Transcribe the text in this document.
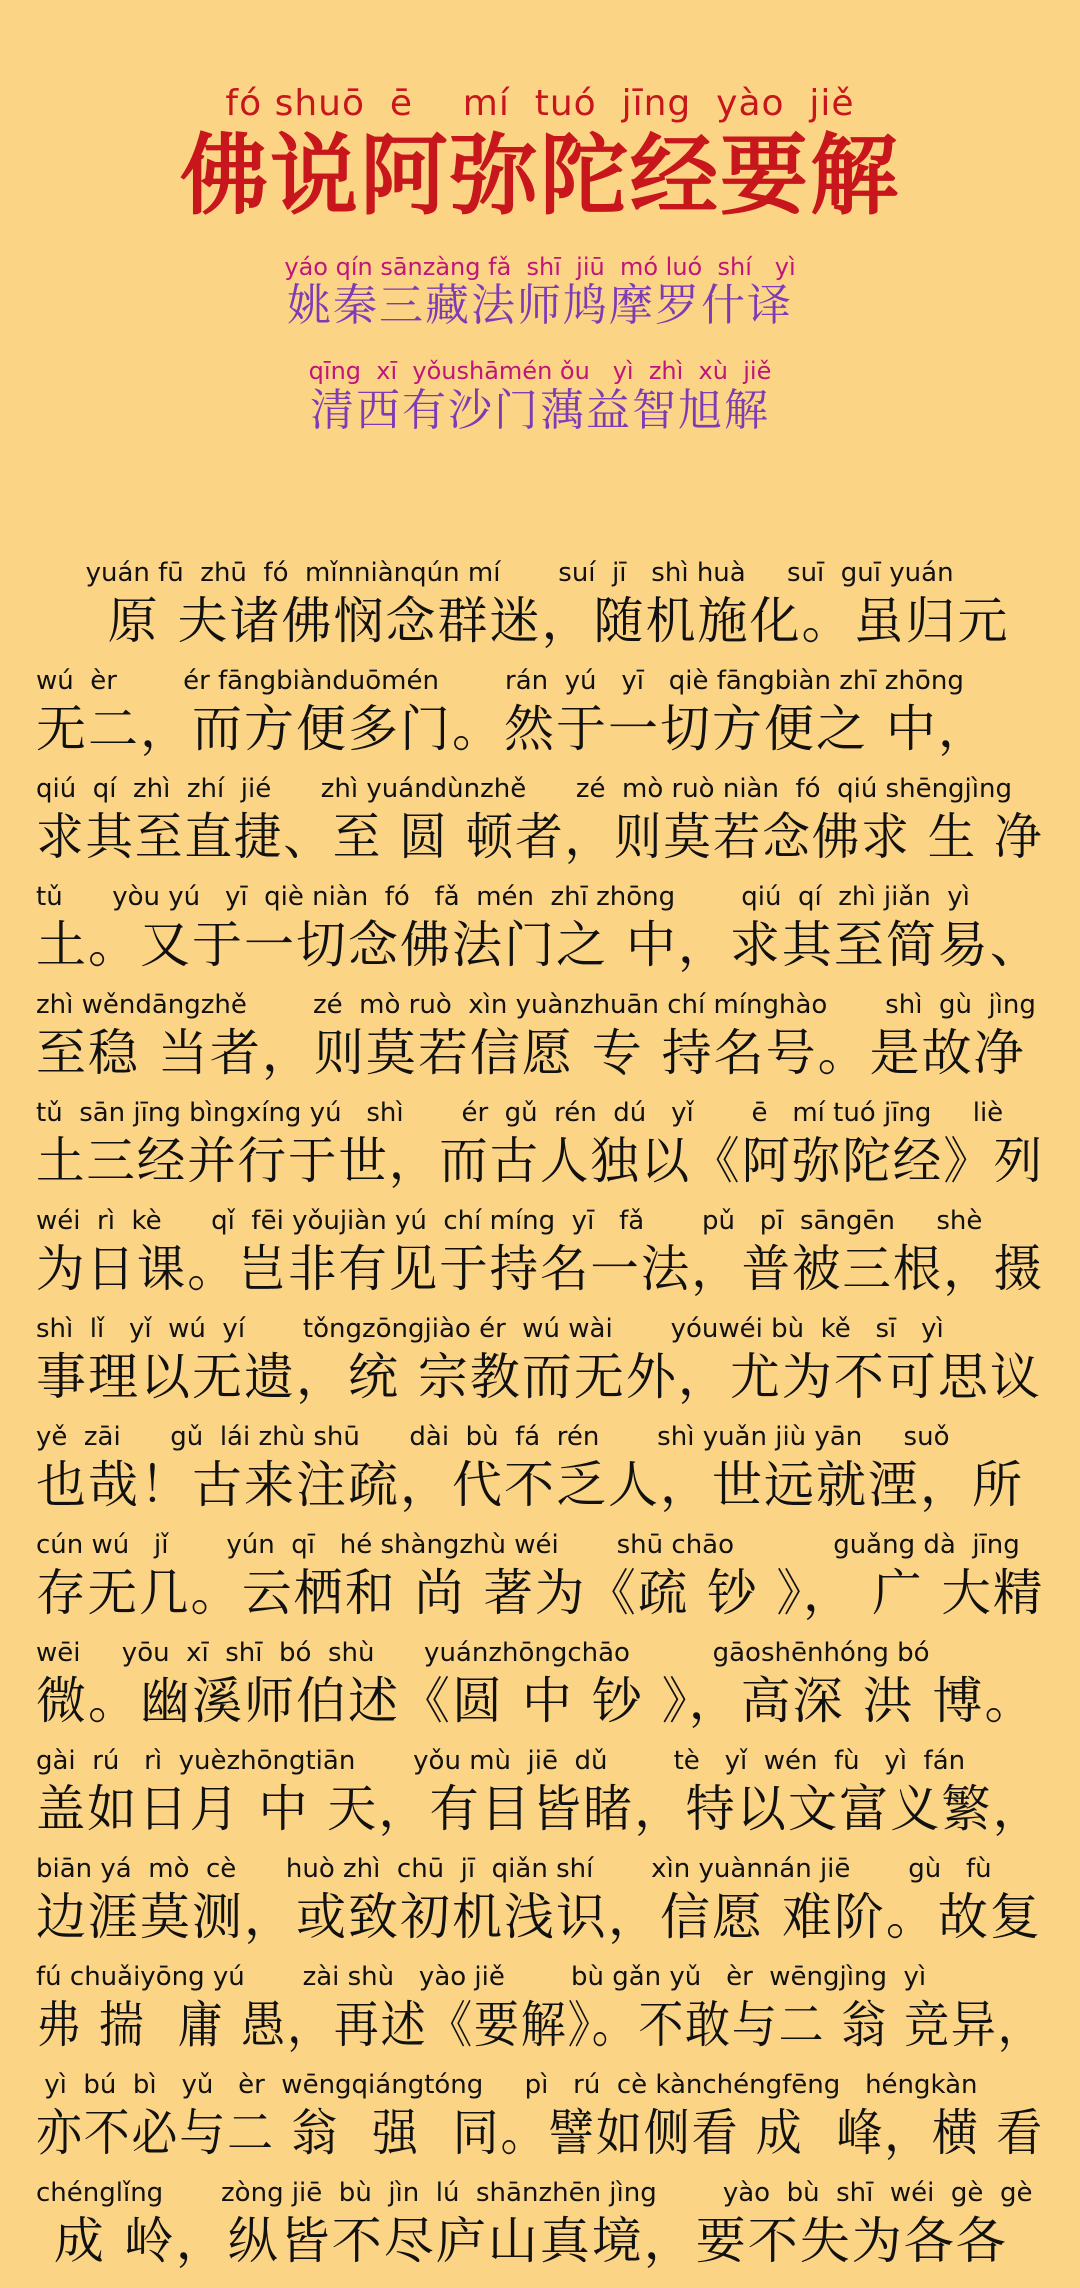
fó shuō  ē    mí  tuó  jīng  yào  jiě
佛说阿弥陀经要解
yáo qín sānzàng fǎ  shī  jiū  mó luó  shí   yì
姚秦三藏法师鸠摩罗什译
qīng  xī  yǒushāmén ǒu   yì  zhì  xù  jiě
清西有沙门蕅益智旭解
yuán fū  zhū  fó  mǐnniànqún mí       suí  jī   shì huà     suī  guī yuán
原 夫诸佛悯念群迷，随机施化。虽归元
wú  èr        ér fāngbiànduōmén        rán  yú   yī   qiè fāngbiàn zhī zhōng
无二，而方便多门。然于一切方便之 中，
qiú  qí  zhì  zhí  jié      zhì yuándùnzhě      zé  mò ruò niàn  fó  qiú shēngjìng
求其至直捷、至 圆 顿者，则莫若念佛求 生 净
tǔ      yòu yú   yī  qiè niàn  fó   fǎ  mén  zhī zhōng        qiú  qí  zhì jiǎn  yì
土。又于一切念佛法门之 中，求其至简易、
zhì wěndāngzhě        zé  mò ruò  xìn yuànzhuān chí mínghào       shì  gù  jìng
至稳 当者，则莫若信愿 专 持名号。是故净
tǔ  sān jīng bìngxíng yú   shì       ér  gǔ  rén  dú   yǐ       ē   mí tuó jīng     liè
土三经并行于世，而古人独以《阿弥陀经》列
wéi  rì  kè      qǐ  fēi yǒujiàn yú  chí míng  yī   fǎ       pǔ   pī  sāngēn     shè
为日课。岂非有见于持名一法，普被三根，摄
shì  lǐ   yǐ  wú  yí       tǒngzōngjiào ér  wú wài       yóuwéi bù  kě   sī   yì
事理以无遗，统 宗教而无外，尤为不可思议
yě  zāi      gǔ  lái zhù shū      dài  bù  fá  rén       shì yuǎn jiù yān     suǒ
也哉！古来注疏，代不乏人，世远就湮，所
cún wú   jǐ       yún  qī   hé shàngzhù wéi       shū chāo            guǎng dà  jīng
存无几。云栖和 尚 著为《疏 钞 》， 广 大精
wēi     yōu  xī  shī  bó  shù      yuánzhōngchāo          gāoshēnhóng bó
微。幽溪师伯述《圆 中 钞 》，高深 洪 博。
gài  rú   rì  yuèzhōngtiān       yǒu mù  jiē  dǔ        tè   yǐ  wén  fù   yì  fán
盖如日月 中 天，有目皆睹，特以文富义繁，
biān yá  mò  cè      huò zhì  chū  jī  qiǎn shí       xìn yuànnán jiē       gù   fù
边涯莫测，或致初机浅识，信愿 难阶。故复
fú chuǎiyōng yú       zài shù   yào jiě        bù gǎn yǔ   èr  wēngjìng  yì
弗 揣  庸 愚，再述《要解》。不敢与二 翁 竞异，
yì  bú  bì   yǔ   èr  wēngqiángtóng     pì   rú  cè kànchéngfēng   héngkàn
亦不必与二 翁  强  同。譬如侧看 成  峰，横 看
chénglǐng       zòng jiē  bù  jìn  lú  shānzhēn jìng        yào  bù  shī  wéi  gè  gè
成 岭，纵皆不尽庐山真境，要不失为各各
